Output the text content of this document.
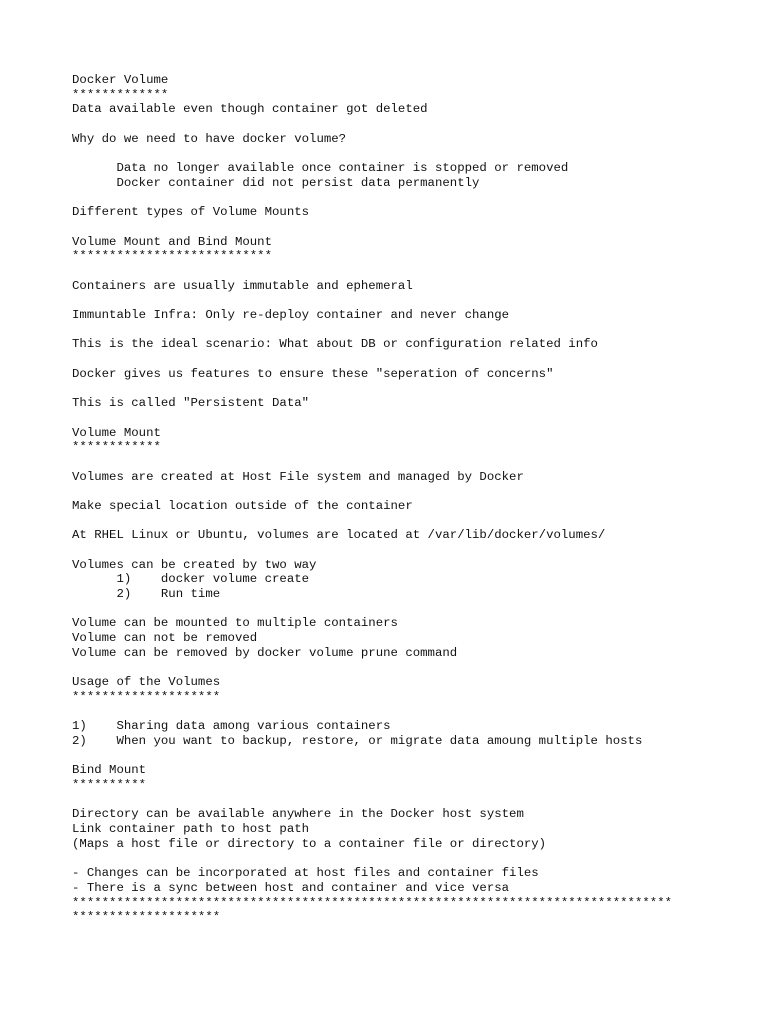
Docker Volume
*************
Data available even though container got deleted
Why do we need to have docker volume?
Data no longer available once container is stopped or removed
Docker container did not persist data permanently
Different types of Volume Mounts
Volume Mount and Bind Mount
***************************
Containers are usually immutable and ephemeral
Immuntable Infra: Only re-deploy container and never change
This is the ideal scenario: What about DB or configuration related info
Docker gives us features to ensure these "seperation of concerns"
This is called "Persistent Data"
Volume Mount
************
Volumes are created at Host File system and managed by Docker
Make special location outside of the container
At RHEL Linux or Ubuntu, volumes are located at /var/lib/docker/volumes/
Volumes can be created by two way
1)    docker volume create
2)    Run time
Volume can be mounted to multiple containers
Volume can not be removed
Volume can be removed by docker volume prune command
Usage of the Volumes
********************
1)    Sharing data among various containers
2)    When you want to backup, restore, or migrate data amoung multiple hosts
Bind Mount
**********
Directory can be available anywhere in the Docker host system
Link container path to host path
(Maps a host file or directory to a container file or directory)
- Changes can be incorporated at host files and container files
- There is a sync between host and container and vice versa
*********************************************************************************
********************
